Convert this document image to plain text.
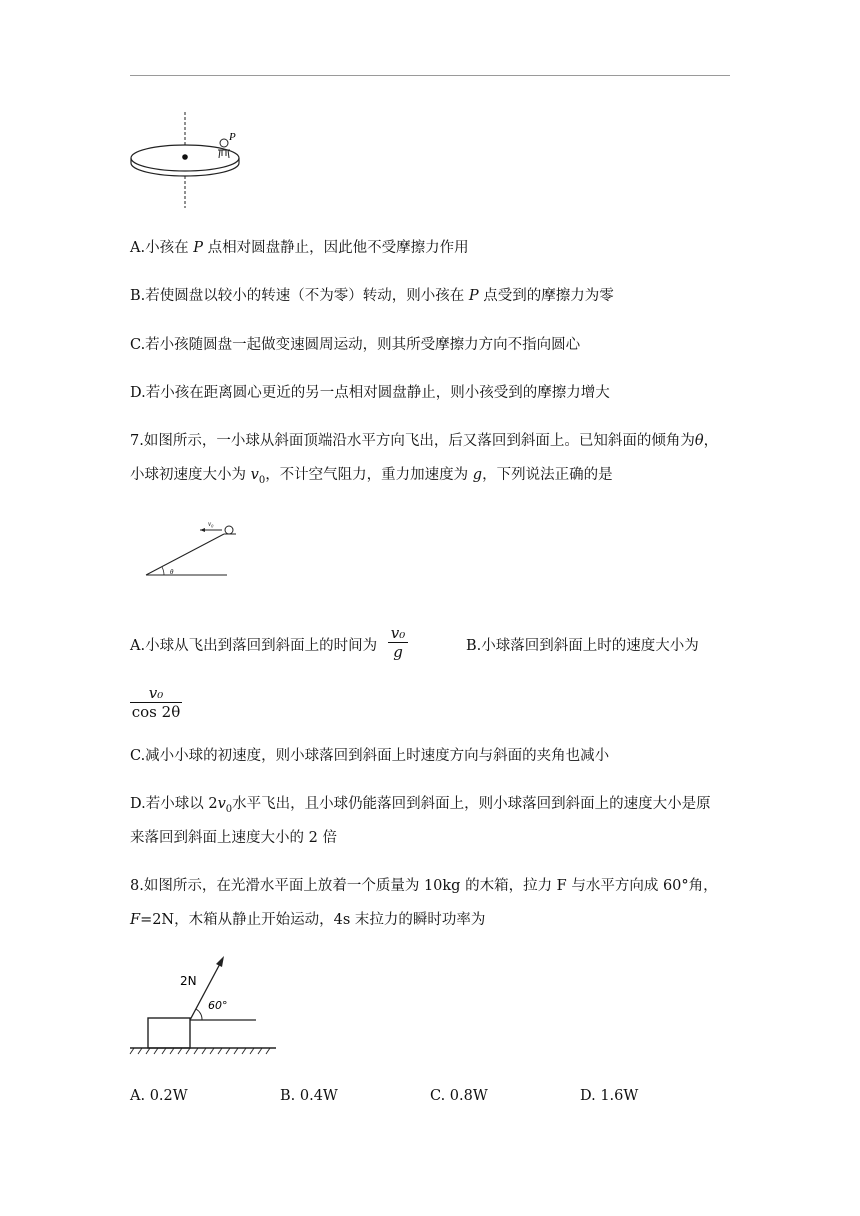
P
A.小孩在 P 点相对圆盘静止，因此他不受摩擦力作用
B.若使圆盘以较小的转速（不为零）转动，则小孩在 P 点受到的摩擦力为零
C.若小孩随圆盘一起做变速圆周运动，则其所受摩擦力方向不指向圆心
D.若小孩在距离圆心更近的另一点相对圆盘静止，则小孩受到的摩擦力增大
7.如图所示，一小球从斜面顶端沿水平方向飞出，后又落回到斜面上。已知斜面的倾角为θ，
小球初速度大小为 $v_0$，不计空气阻力，重力加速度为 g，下列说法正确的是
v₀
θ
A.小球从飞出到落回到斜面上的时间为
v₀
g	B.小球落回到斜面上时的速度大小为
v₀
cos 2θ
C.减小小球的初速度，则小球落回到斜面上时速度方向与斜面的夹角也减小
D.若小球以 $2v_0$水平飞出，且小球仍能落回到斜面上，则小球落回到斜面上的速度大小是原
来落回到斜面上速度大小的 2 倍
8.如图所示，在光滑水平面上放着一个质量为 10kg 的木箱，拉力 F 与水平方向成 60°角，
F=2N，木箱从静止开始运动，4s 末拉力的瞬时功率为
2N
60°
A. 0.2W	B. 0.4W	C. 0.8W	D. 1.6W
